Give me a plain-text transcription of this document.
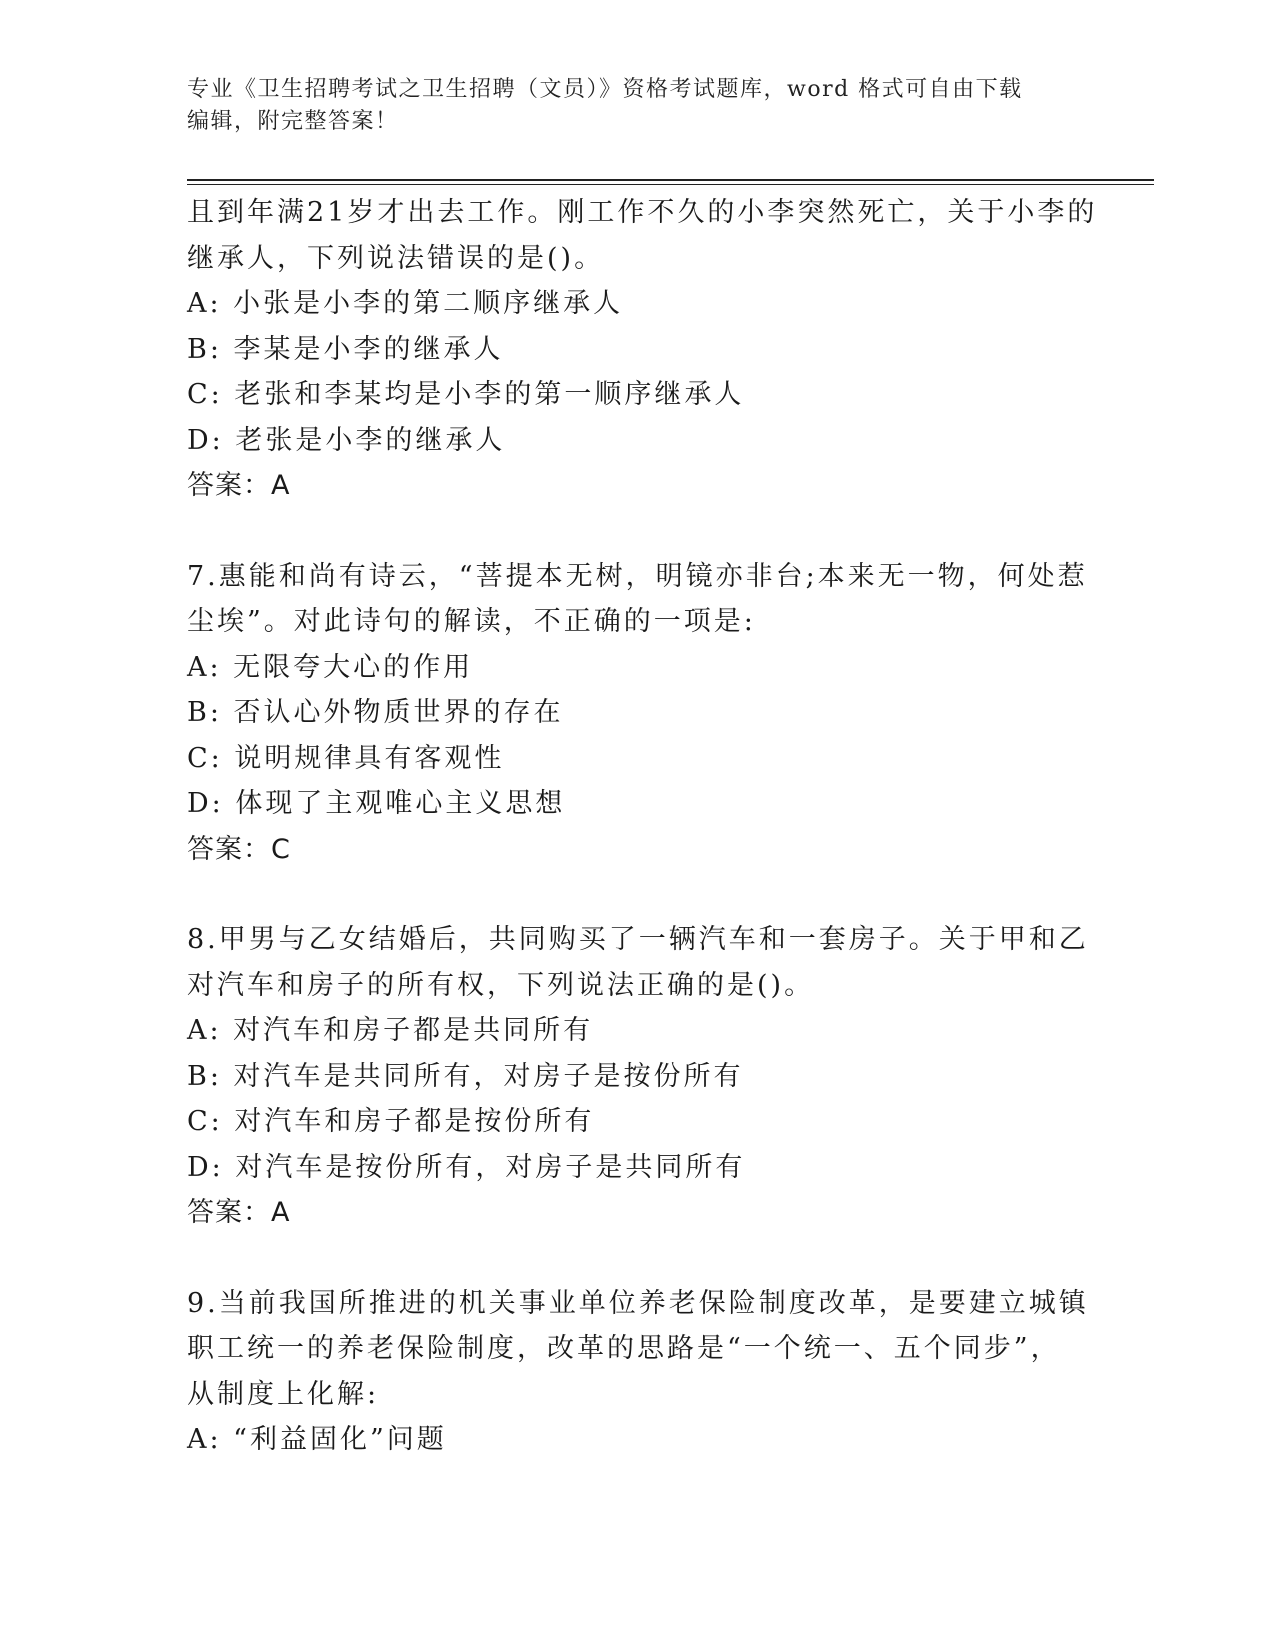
专业《卫生招聘考试之卫生招聘（文员）》资格考试题库，word 格式可自由下载
编辑，附完整答案！
且到年满21岁才出去工作。刚工作不久的小李突然死亡，关于小李的
继承人，下列说法错误的是()。
A: 小张是小李的第二顺序继承人
B: 李某是小李的继承人
C: 老张和李某均是小李的第一顺序继承人
D: 老张是小李的继承人
答案：A
7.惠能和尚有诗云，“菩提本无树，明镜亦非台;本来无一物，何处惹
尘埃”。对此诗句的解读，不正确的一项是:
A: 无限夸大心的作用
B: 否认心外物质世界的存在
C: 说明规律具有客观性
D: 体现了主观唯心主义思想
答案：C
8.甲男与乙女结婚后，共同购买了一辆汽车和一套房子。关于甲和乙
对汽车和房子的所有权，下列说法正确的是()。
A: 对汽车和房子都是共同所有
B: 对汽车是共同所有，对房子是按份所有
C: 对汽车和房子都是按份所有
D: 对汽车是按份所有，对房子是共同所有
答案：A
9.当前我国所推进的机关事业单位养老保险制度改革，是要建立城镇
职工统一的养老保险制度，改革的思路是“一个统一、五个同步”，
从制度上化解:
A: “利益固化”问题
